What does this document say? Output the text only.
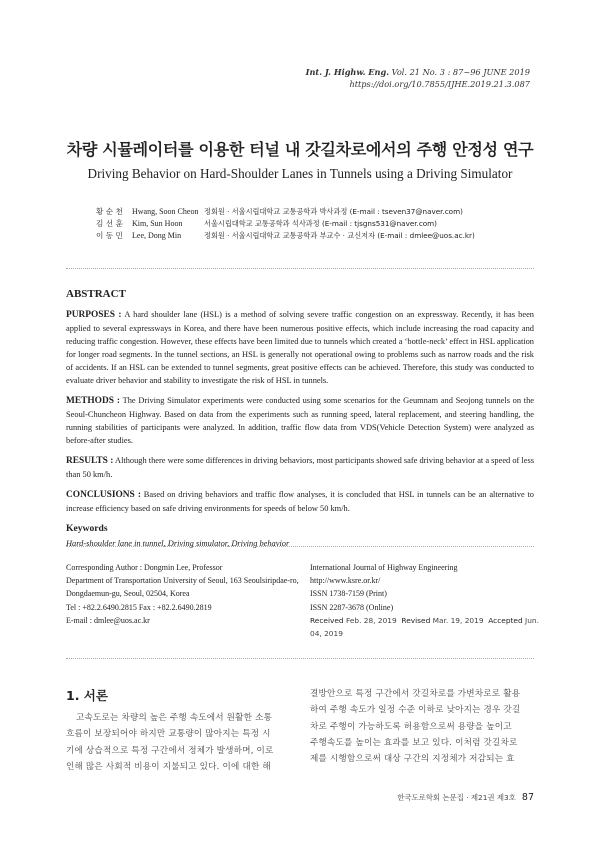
Int. J. Highw. Eng. Vol. 21 No. 3 : 87~96 JUNE 2019
https://doi.org/10.7855/IJHE.2019.21.3.087
차량 시뮬레이터를 이용한 터널 내 갓길차로에서의 주행 안정성 연구
Driving Behavior on Hard-Shoulder Lanes in Tunnels using a Driving Simulator
황 순 천 Hwang, Soon Cheon 정회원 · 서울시립대학교 교통공학과 박사과정 (E-mail : tseven37@naver.com)
김 선 훈 Kim, Sun Hoon	서울시립대학교 교통공학과 석사과정 (E-mail : tjsgns531@naver.com)
이 동 민 Lee, Dong Min	정회원 · 서울시립대학교 교통공학과 부교수 · 교신저자 (E-mail : dmlee@uos.ac.kr)
ABSTRACT

PURPOSES : A hard shoulder lane (HSL) is a method of solving severe traffic congestion on an expressway. Recently, it has been applied to several expressways in Korea, and there have been numerous positive effects, which include increasing the road capacity and reducing traffic congestion. However, these effects have been limited due to tunnels which created a ‘bottle-neck’ effect in HSL application for longer road segments. In the tunnel sections, an HSL is generally not operational owing to problems such as narrow roads and the risk of accidents. If an HSL can be extended to tunnel segments, great positive effects can be achieved. Therefore, this study was conducted to evaluate driver behavior and stability to investigate the risk of HSL in tunnels.

METHODS : The Driving Simulator experiments were conducted using some scenarios for the Geumnam and Seojong tunnels on the Seoul-Chuncheon Highway. Based on data from the experiments such as running speed, lateral replacement, and steering handling, the running stabilities of participants were analyzed. In addition, traffic flow data from VDS(Vehicle Detection System) were analyzed as before-after studies.

RESULTS : Although there were some differences in driving behaviors, most participants showed safe driving behavior at a speed of less than 50 km/h.

CONCLUSIONS : Based on driving behaviors and traffic flow analyses, it is concluded that HSL in tunnels can be an alternative to increase efficiency based on safe driving environments for speeds of below 50 km/h.

Keywords

Hard-shoulder lane in tunnel, Driving simulator, Driving behavior

Corresponding Author : Dongmin Lee, Professor
Department of Transportation University of Seoul, 163 Seoulsiripdae-ro,
Dongdaemun-gu, Seoul, 02504, Korea
Tel : +82.2.6490.2815 Fax : +82.2.6490.2819
E-mail : dmlee@uos.ac.kr
International Journal of Highway Engineering
http://www.ksre.or.kr/
ISSN 1738-7159 (Print)
ISSN 2287-3678 (Online)
Received Feb. 28, 2019 Revised Mar. 19, 2019 Accepted Jun. 04, 2019
1. 서론
고속도로는 차량의 높은 주행 속도에서 원활한 소통
흐름이 보장되어야 하지만 교통량이 많아지는 특정 시
기에 상습적으로 특정 구간에서 정체가 발생하며, 이로
인해 많은 사회적 비용이 지불되고 있다. 이에 대한 해
결방안으로 특정 구간에서 갓길차로를 가변차로로 활용
하여 주행 속도가 일정 수준 이하로 낮아지는 경우 갓길
차로 주행이 가능하도록 허용함으로써 용량을 높이고
주행속도를 높이는 효과를 보고 있다. 이처럼 갓길차로
제를 시행함으로써 대상 구간의 지정체가 저감되는 효
한국도로학회 논문집 · 제21권 제3호 87
